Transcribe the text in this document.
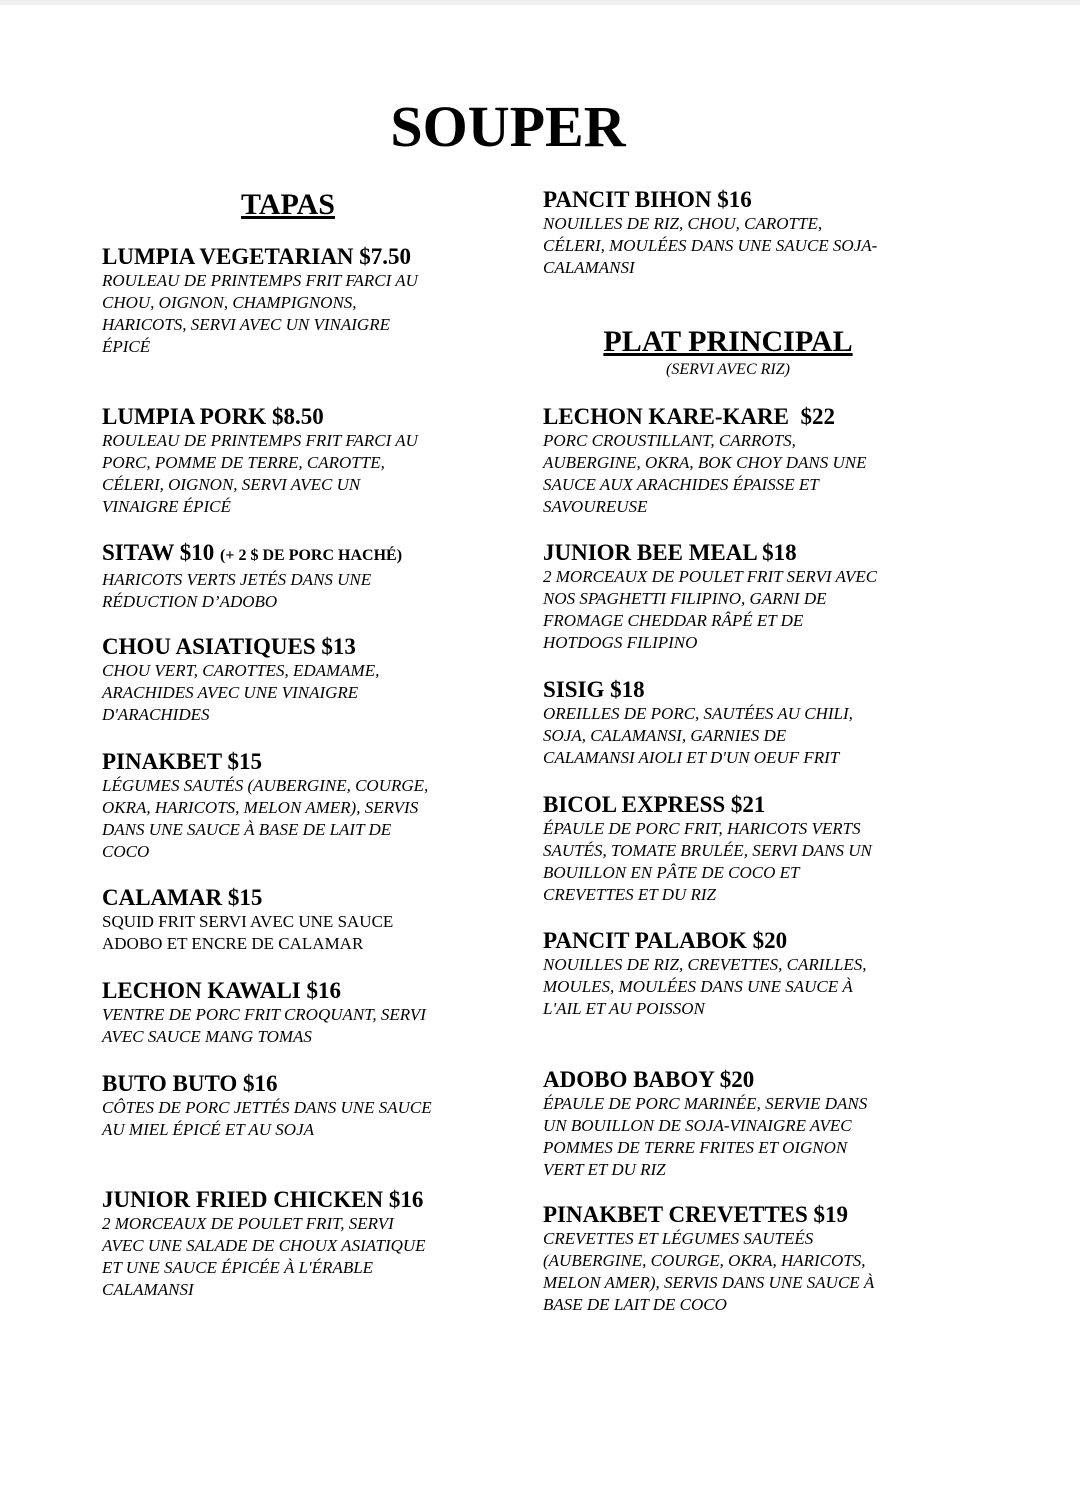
SOUPER
TAPAS
LUMPIA VEGETARIAN $7.50
ROULEAU DE PRINTEMPS FRIT FARCI AU
CHOU, OIGNON, CHAMPIGNONS,
HARICOTS, SERVI AVEC UN VINAIGRE
ÉPICÉ
LUMPIA PORK $8.50
ROULEAU DE PRINTEMPS FRIT FARCI AU
PORC, POMME DE TERRE, CAROTTE,
CÉLERI, OIGNON, SERVI AVEC UN
VINAIGRE ÉPICÉ
SITAW $10 (+ 2 $ DE PORC HACHÉ)
HARICOTS VERTS JETÉS DANS UNE
RÉDUCTION D’ADOBO
CHOU ASIATIQUES $13
CHOU VERT, CAROTTES, EDAMAME,
ARACHIDES AVEC UNE VINAIGRE
D'ARACHIDES
PINAKBET $15
LÉGUMES SAUTÉS (AUBERGINE, COURGE,
OKRA, HARICOTS, MELON AMER), SERVIS
DANS UNE SAUCE À BASE DE LAIT DE
COCO
CALAMAR $15
SQUID FRIT SERVI AVEC UNE SAUCE
ADOBO ET ENCRE DE CALAMAR
LECHON KAWALI $16
VENTRE DE PORC FRIT CROQUANT, SERVI
AVEC SAUCE MANG TOMAS
BUTO BUTO $16
CÔTES DE PORC JETTÉS DANS UNE SAUCE
AU MIEL ÉPICÉ ET AU SOJA
JUNIOR FRIED CHICKEN $16
2 MORCEAUX DE POULET FRIT, SERVI
AVEC UNE SALADE DE CHOUX ASIATIQUE
ET UNE SAUCE ÉPICÉE À L'ÉRABLE
CALAMANSI
PANCIT BIHON $16
NOUILLES DE RIZ, CHOU, CAROTTE,
CÉLERI, MOULÉES DANS UNE SAUCE SOJA-
CALAMANSI
PLAT PRINCIPAL
(SERVI AVEC RIZ)
LECHON KARE-KARE  $22
PORC CROUSTILLANT, CARROTS,
AUBERGINE, OKRA, BOK CHOY DANS UNE
SAUCE AUX ARACHIDES ÉPAISSE ET
SAVOUREUSE
JUNIOR BEE MEAL $18
2 MORCEAUX DE POULET FRIT SERVI AVEC
NOS SPAGHETTI FILIPINO, GARNI DE
FROMAGE CHEDDAR RÂPÉ ET DE
HOTDOGS FILIPINO
SISIG $18
OREILLES DE PORC, SAUTÉES AU CHILI,
SOJA, CALAMANSI, GARNIES DE
CALAMANSI AIOLI ET D'UN OEUF FRIT
BICOL EXPRESS $21
ÉPAULE DE PORC FRIT, HARICOTS VERTS
SAUTÉS, TOMATE BRULÉE, SERVI DANS UN
BOUILLON EN PÂTE DE COCO ET
CREVETTES ET DU RIZ
PANCIT PALABOK $20
NOUILLES DE RIZ, CREVETTES, CARILLES,
MOULES, MOULÉES DANS UNE SAUCE À
L'AIL ET AU POISSON
ADOBO BABOY $20
ÉPAULE DE PORC MARINÉE, SERVIE DANS
UN BOUILLON DE SOJA-VINAIGRE AVEC
POMMES DE TERRE FRITES ET OIGNON
VERT ET DU RIZ
PINAKBET CREVETTES $19
CREVETTES ET LÉGUMES SAUTEÉS
(AUBERGINE, COURGE, OKRA, HARICOTS,
MELON AMER), SERVIS DANS UNE SAUCE À
BASE DE LAIT DE COCO
